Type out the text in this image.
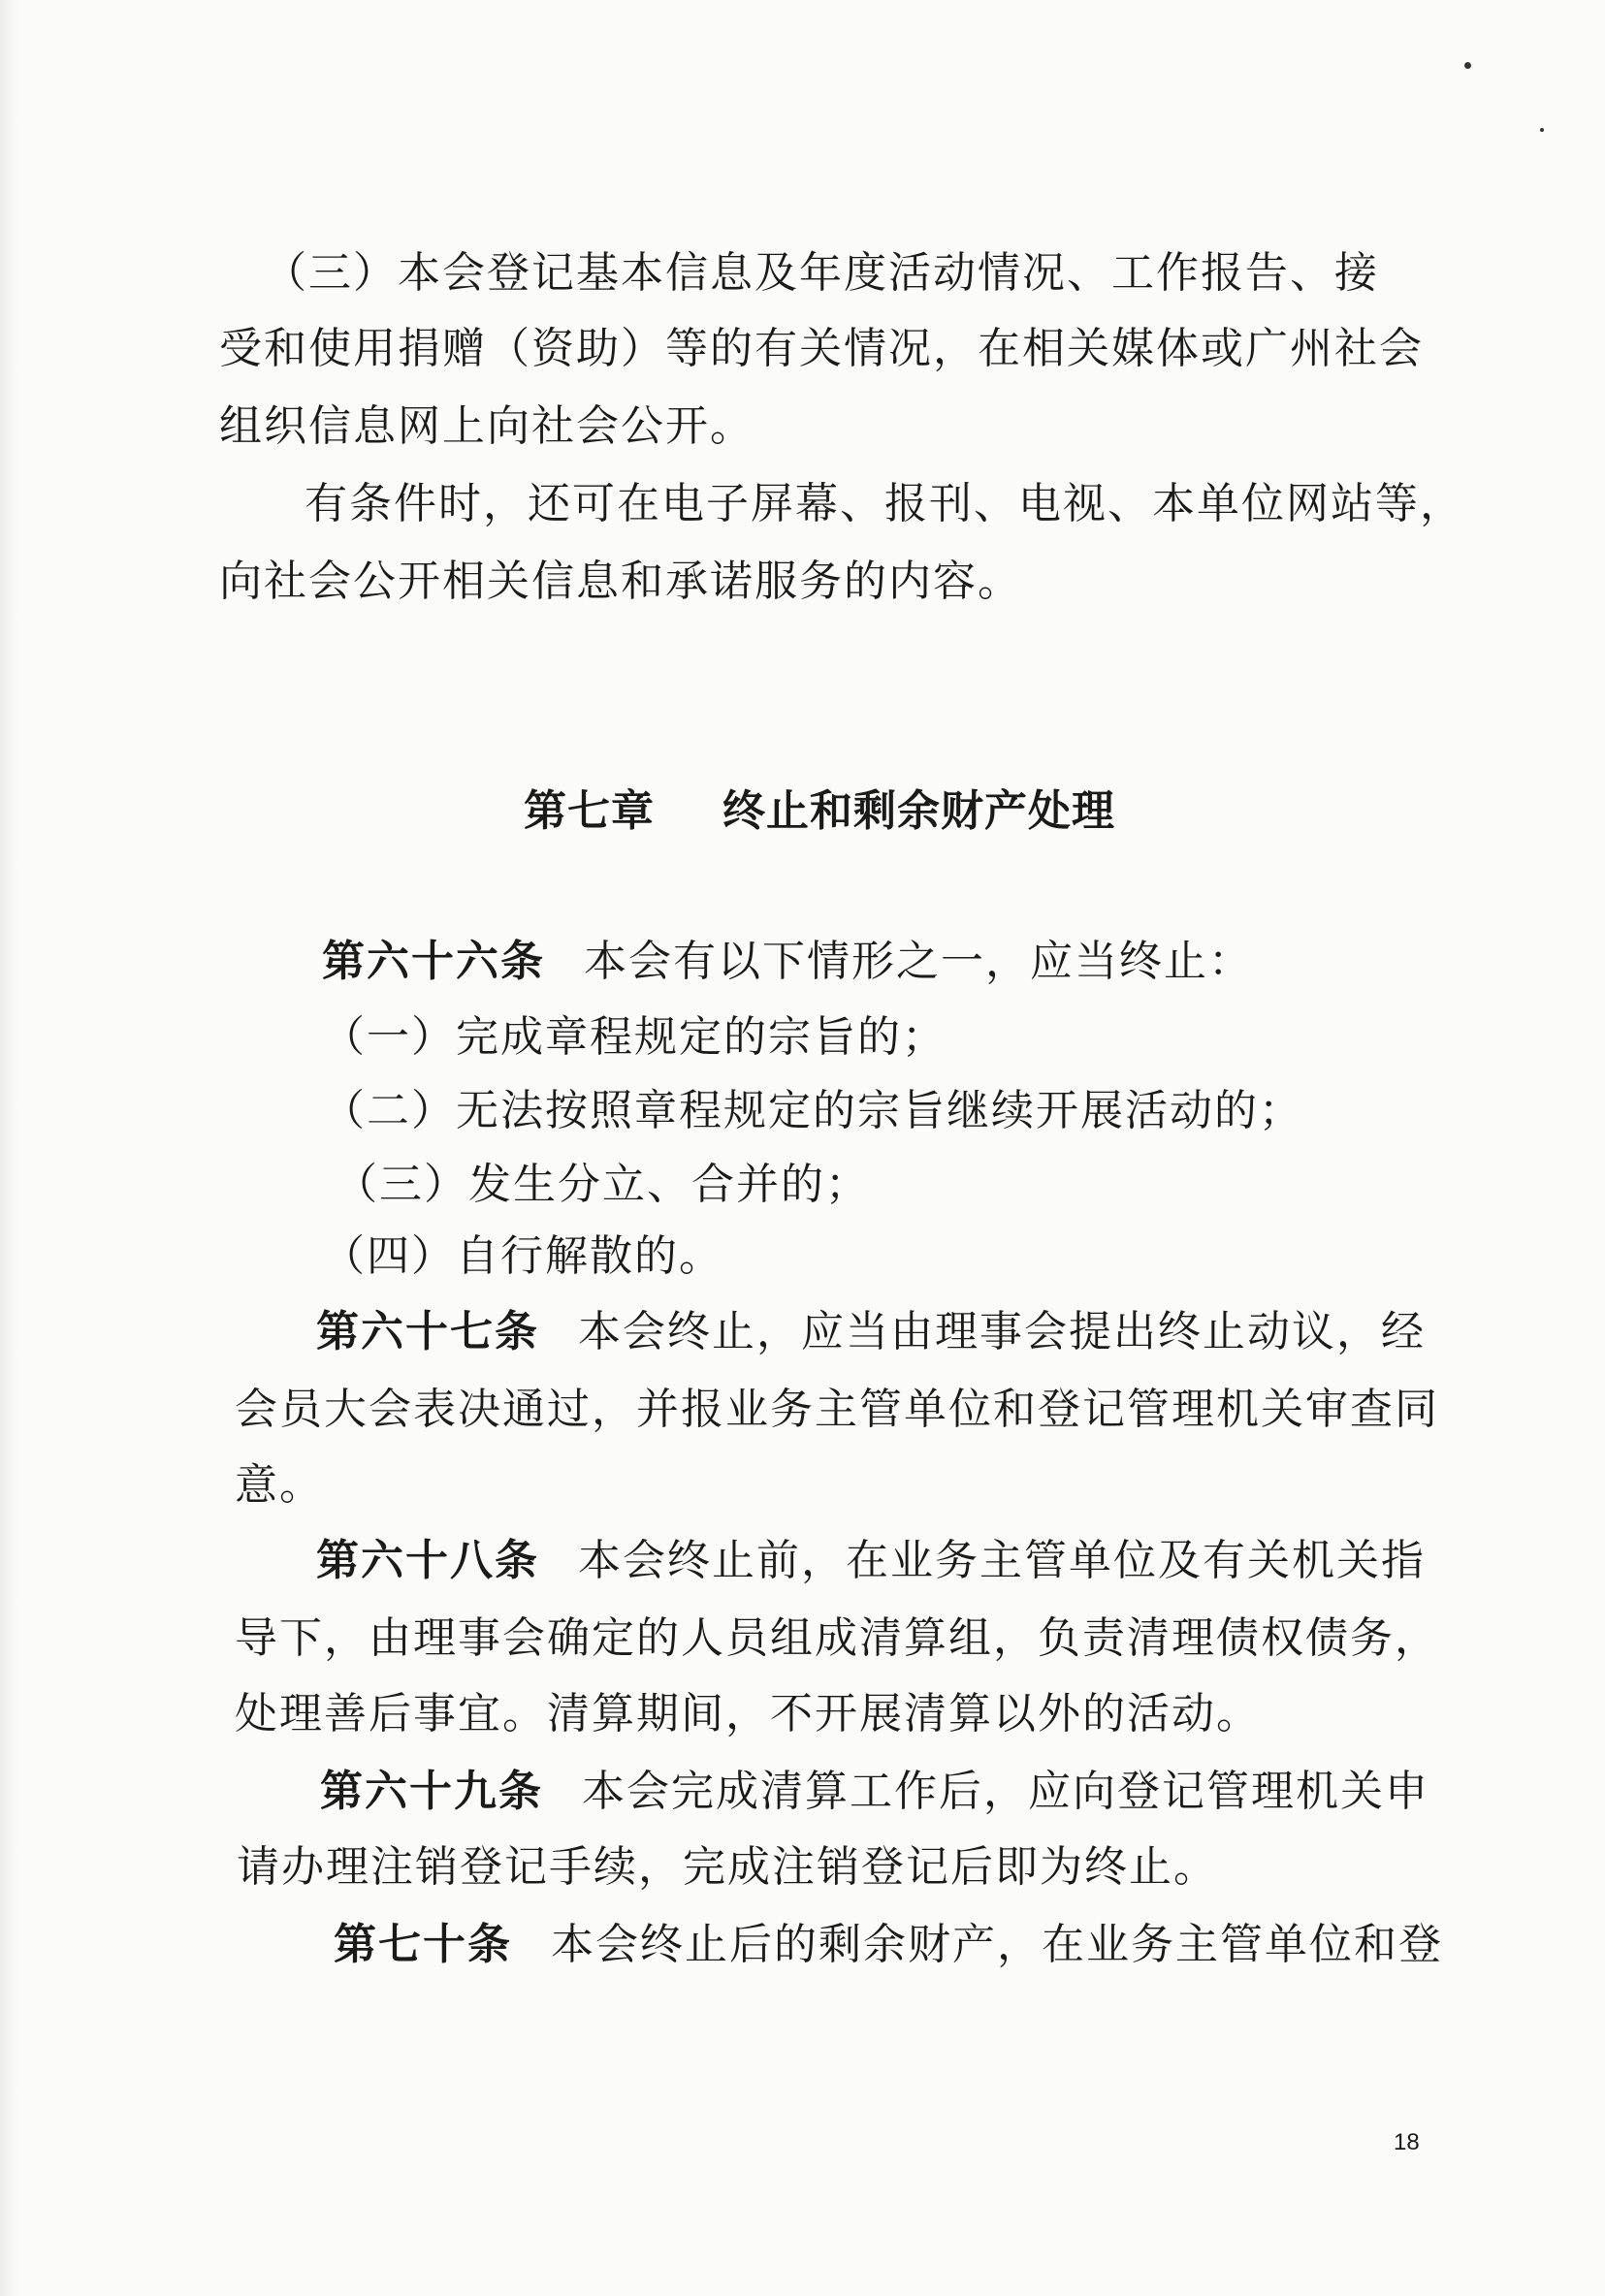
（三）本会登记基本信息及年度活动情况、工作报告、接
受和使用捐赠（资助）等的有关情况，在相关媒体或广州社会
组织信息网上向社会公开。
有条件时，还可在电子屏幕、报刊、电视、本单位网站等，
向社会公开相关信息和承诺服务的内容。
第七章 终止和剩余财产处理
第六十六条 本会有以下情形之一，应当终止：
（一）完成章程规定的宗旨的；
（二）无法按照章程规定的宗旨继续开展活动的；
（三）发生分立、合并的；
（四）自行解散的。
第六十七条 本会终止，应当由理事会提出终止动议，经
会员大会表决通过，并报业务主管单位和登记管理机关审查同
意。
第六十八条 本会终止前，在业务主管单位及有关机关指
导下，由理事会确定的人员组成清算组，负责清理债权债务，
处理善后事宜。清算期间，不开展清算以外的活动。
第六十九条 本会完成清算工作后，应向登记管理机关申
请办理注销登记手续，完成注销登记后即为终止。
第七十条 本会终止后的剩余财产，在业务主管单位和登
18
